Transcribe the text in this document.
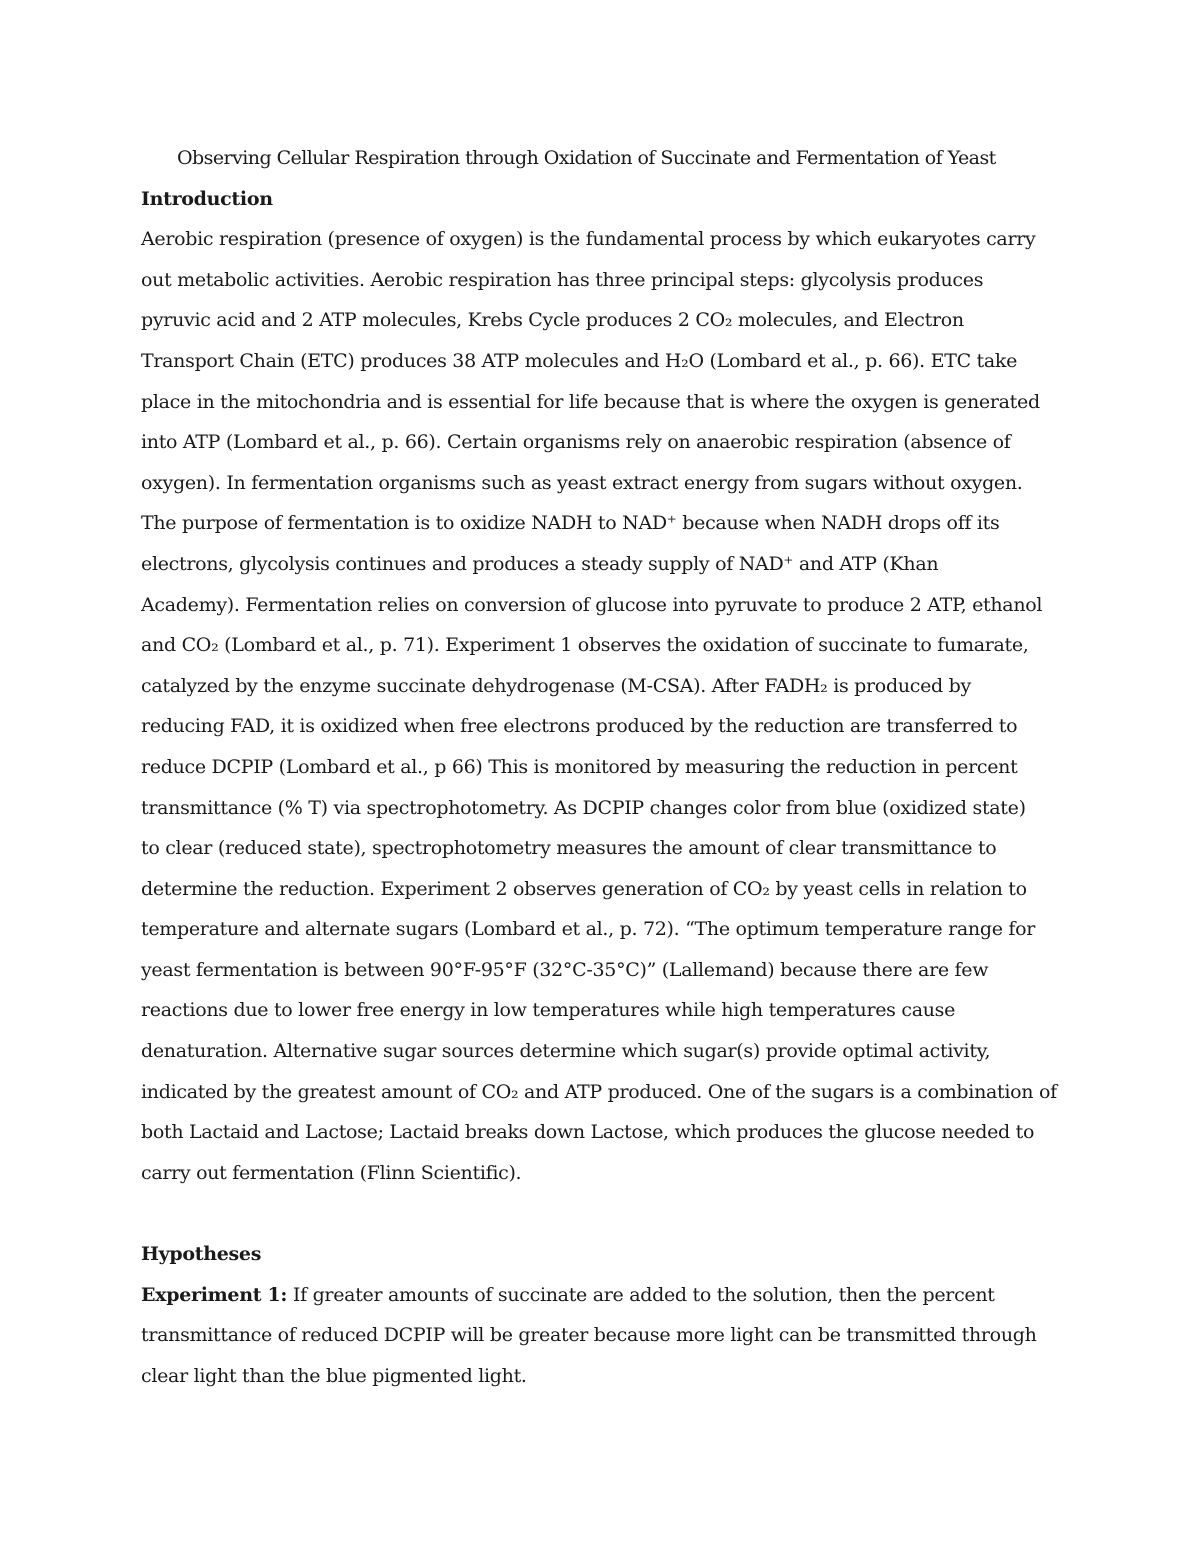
Observing Cellular Respiration through Oxidation of Succinate and Fermentation of Yeast
Introduction
Aerobic respiration (presence of oxygen) is the fundamental process by which eukaryotes carry
out metabolic activities. Aerobic respiration has three principal steps: glycolysis produces
pyruvic acid and 2 ATP molecules, Krebs Cycle produces 2 CO₂ molecules, and Electron
Transport Chain (ETC) produces 38 ATP molecules and H₂O (Lombard et al., p. 66). ETC take
place in the mitochondria and is essential for life because that is where the oxygen is generated
into ATP (Lombard et al., p. 66). Certain organisms rely on anaerobic respiration (absence of
oxygen). In fermentation organisms such as yeast extract energy from sugars without oxygen.
The purpose of fermentation is to oxidize NADH to NAD⁺ because when NADH drops off its
electrons, glycolysis continues and produces a steady supply of NAD⁺ and ATP (Khan
Academy). Fermentation relies on conversion of glucose into pyruvate to produce 2 ATP, ethanol
and CO₂ (Lombard et al., p. 71). Experiment 1 observes the oxidation of succinate to fumarate,
catalyzed by the enzyme succinate dehydrogenase (M-CSA). After FADH₂ is produced by
reducing FAD, it is oxidized when free electrons produced by the reduction are transferred to
reduce DCPIP (Lombard et al., p 66) This is monitored by measuring the reduction in percent
transmittance (% T) via spectrophotometry. As DCPIP changes color from blue (oxidized state)
to clear (reduced state), spectrophotometry measures the amount of clear transmittance to
determine the reduction. Experiment 2 observes generation of CO₂ by yeast cells in relation to
temperature and alternate sugars (Lombard et al., p. 72). “The optimum temperature range for
yeast fermentation is between 90°F-95°F (32°C-35°C)” (Lallemand) because there are few
reactions due to lower free energy in low temperatures while high temperatures cause
denaturation. Alternative sugar sources determine which sugar(s) provide optimal activity,
indicated by the greatest amount of CO₂ and ATP produced. One of the sugars is a combination of
both Lactaid and Lactose; Lactaid breaks down Lactose, which produces the glucose needed to
carry out fermentation (Flinn Scientific).
Hypotheses
Experiment 1: If greater amounts of succinate are added to the solution, then the percent
transmittance of reduced DCPIP will be greater because more light can be transmitted through
clear light than the blue pigmented light.
